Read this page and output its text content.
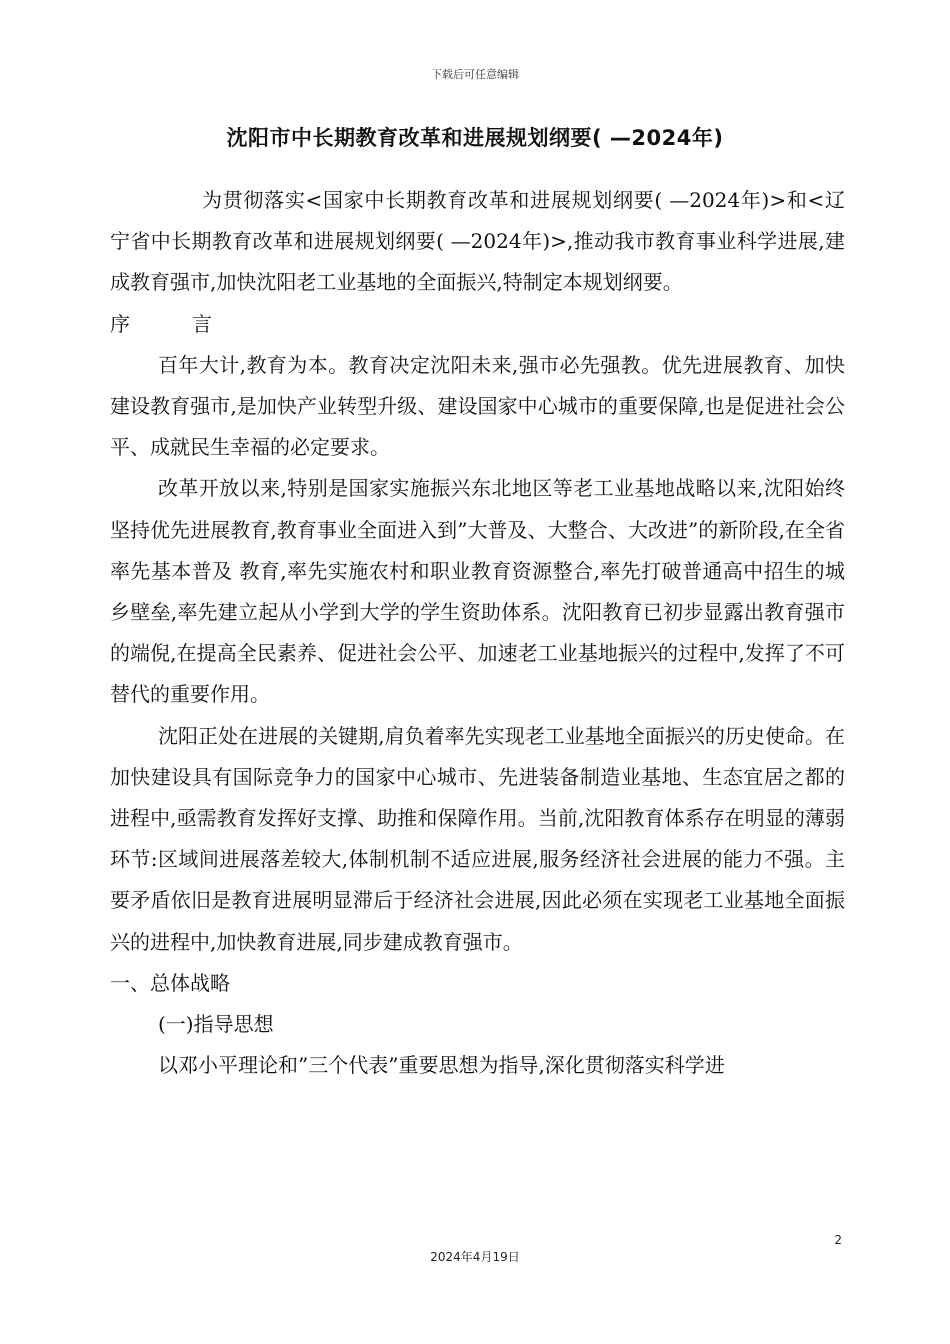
下载后可任意编辑
沈阳市中长期教育改革和进展规划纲要( —2024年)

为贯彻落实<国家中长期教育改革和进展规划纲要( —2024年)>和<辽宁省中长期教育改革和进展规划纲要( —2024年)>,推动我市教育事业科学进展,建成教育强市,加快沈阳老工业基地的全面振兴,特制定本规划纲要。

序	言

百年大计,教育为本。教育决定沈阳未来,强市必先强教。优先进展教育、加快建设教育强市,是加快产业转型升级、建设国家中心城市的重要保障,也是促进社会公平、成就民生幸福的必定要求。

改革开放以来,特别是国家实施振兴东北地区等老工业基地战略以来,沈阳始终坚持优先进展教育,教育事业全面进入到”大普及、大整合、大改进”的新阶段,在全省率先基本普及 教育,率先实施农村和职业教育资源整合,率先打破普通高中招生的城乡壁垒,率先建立起从小学到大学的学生资助体系。沈阳教育已初步显露出教育强市的端倪,在提高全民素养、促进社会公平、加速老工业基地振兴的过程中,发挥了不可替代的重要作用。

沈阳正处在进展的关键期,肩负着率先实现老工业基地全面振兴的历史使命。在加快建设具有国际竞争力的国家中心城市、先进装备制造业基地、生态宜居之都的进程中,亟需教育发挥好支撑、助推和保障作用。当前,沈阳教育体系存在明显的薄弱环节:区域间进展落差较大,体制机制不适应进展,服务经济社会进展的能力不强。主要矛盾依旧是教育进展明显滞后于经济社会进展,因此必须在实现老工业基地全面振兴的进程中,加快教育进展,同步建成教育强市。

一、总体战略

(一)指导思想

以邓小平理论和”三个代表”重要思想为指导,深化贯彻落实科学进

2
2024年4月19日
